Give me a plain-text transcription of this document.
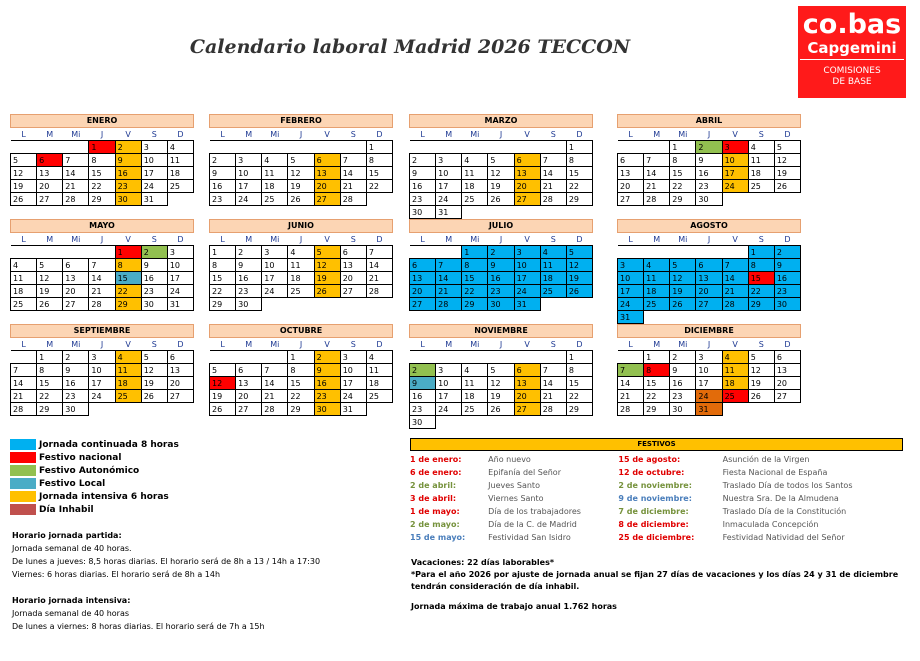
Calendario laboral Madrid 2026 TECCON
co.bas
Capgemini
COMISIONES
DE BASE
ENERO
L	M	Mi	J	V	S	D
			1	2	3	4
5	6	7	8	9	10	11
12	13	14	15	16	17	18
19	20	21	22	23	24	25
26	27	28	29	30	31	
FEBRERO
L	M	Mi	J	V	S	D
						1
2	3	4	5	6	7	8
9	10	11	12	13	14	15
16	17	18	19	20	21	22
23	24	25	26	27	28	
MARZO
L	M	Mi	J	V	S	D
						1
2	3	4	5	6	7	8
9	10	11	12	13	14	15
16	17	18	19	20	21	22
23	24	25	26	27	28	29
30	31					
ABRIL
L	M	Mi	J	V	S	D
		1	2	3	4	5
6	7	8	9	10	11	12
13	14	15	16	17	18	19
20	21	22	23	24	25	26
27	28	29	30			
MAYO
L	M	Mi	J	V	S	D
				1	2	3
4	5	6	7	8	9	10
11	12	13	14	15	16	17
18	19	20	21	22	23	24
25	26	27	28	29	30	31
JUNIO
L	M	Mi	J	V	S	D
1	2	3	4	5	6	7
8	9	10	11	12	13	14
15	16	17	18	19	20	21
22	23	24	25	26	27	28
29	30					
JULIO
L	M	Mi	J	V	S	D
		1	2	3	4	5
6	7	8	9	10	11	12
13	14	15	16	17	18	19
20	21	22	23	24	25	26
27	28	29	30	31		
AGOSTO
L	M	Mi	J	V	S	D
					1	2
3	4	5	6	7	8	9
10	11	12	13	14	15	16
17	18	19	20	21	22	23
24	25	26	27	28	29	30
31						
SEPTIEMBRE
L	M	Mi	J	V	S	D
	1	2	3	4	5	6
7	8	9	10	11	12	13
14	15	16	17	18	19	20
21	22	23	24	25	26	27
28	29	30				
OCTUBRE
L	M	Mi	J	V	S	D
			1	2	3	4
5	6	7	8	9	10	11
12	13	14	15	16	17	18
19	20	21	22	23	24	25
26	27	28	29	30	31	
NOVIEMBRE
L	M	Mi	J	V	S	D
						1
2	3	4	5	6	7	8
9	10	11	12	13	14	15
16	17	18	19	20	21	22
23	24	25	26	27	28	29
30						
DICIEMBRE
L	M	Mi	J	V	S	D
	1	2	3	4	5	6
7	8	9	10	11	12	13
14	15	16	17	18	19	20
21	22	23	24	25	26	27
28	29	30	31			
Jornada continuada 8 horas
Festivo nacional
Festivo Autonómico
Festivo Local
Jornada intensiva 6 horas
Día Inhabil
Horario jornada partida:
Jornada semanal de 40 horas.
De lunes a jueves: 8,5 horas diarias. El horario será de 8h a 13 / 14h a 17:30
Viernes: 6 horas diarias. El horario será de 8h a 14h
Horario jornada intensiva:
Jornada semanal de 40 horas
De lunes a viernes: 8 horas diarias. El horario será de 7h a 15h
FESTIVOS
1 de enero:	Año nuevo	15 de agosto:	Asunción de la Virgen
6 de enero:	Epifanía del Señor	12 de octubre:	Fiesta Nacional de España
2 de abril:	Jueves Santo	2 de noviembre:	Traslado Día de todos los Santos
3 de abril:	Viernes Santo	9 de noviembre:	Nuestra Sra. De la Almudena
1 de mayo:	Día de los trabajadores	7 de diciembre:	Traslado Día de la Constitución
2 de mayo:	Día de la C. de Madrid	8 de diciembre:	Inmaculada Concepción
15 de mayo:	Festividad San Isidro	25 de diciembre:	Festividad Natividad del Señor
Vacaciones: 22 días laborables*
*Para el año 2026 por ajuste de jornada anual se fijan 27 días de vacaciones y los días 24 y 31 de diciembre
tendrán consideración de día inhabil.
Jornada máxima de trabajo anual 1.762 horas
